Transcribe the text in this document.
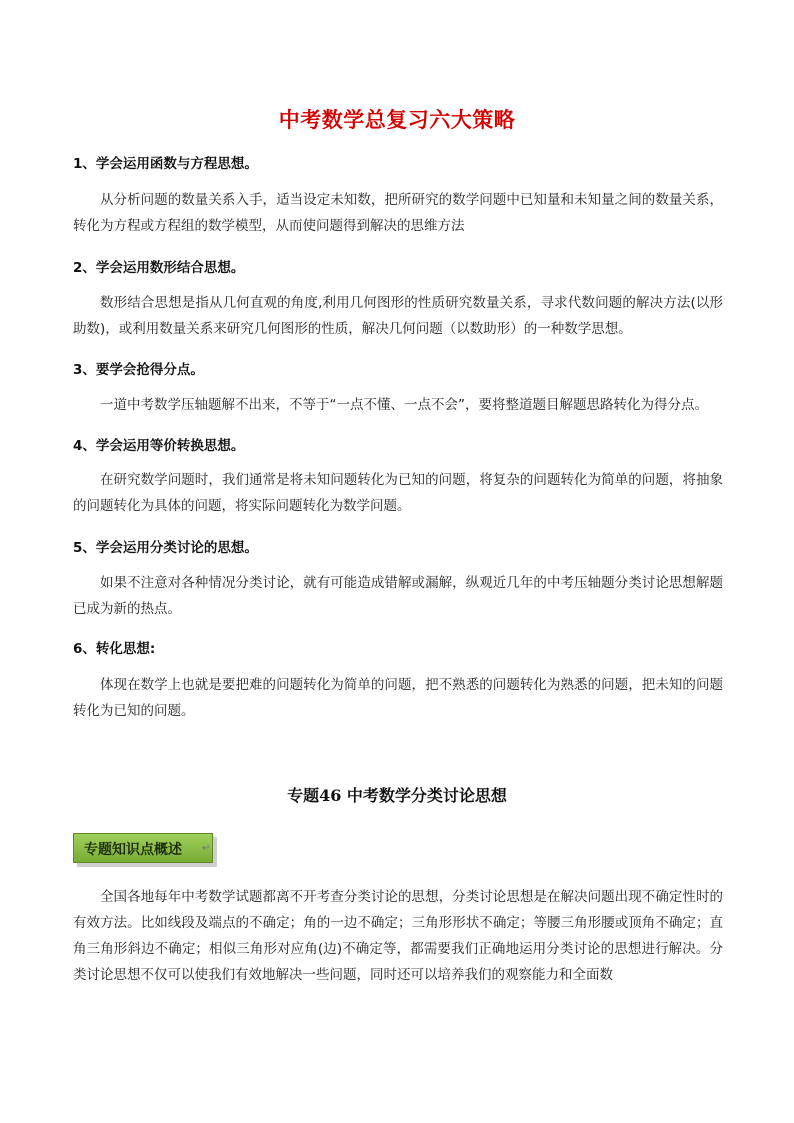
中考数学总复习六大策略
1、学会运用函数与方程思想。
从分析问题的数量关系入手，适当设定未知数，把所研究的数学问题中已知量和未知量之间的数量关系，转化为方程或方程组的数学模型，从而使问题得到解决的思维方法
2、学会运用数形结合思想。
数形结合思想是指从几何直观的角度,利用几何图形的性质研究数量关系，寻求代数问题的解决方法(以形助数)，或利用数量关系来研究几何图形的性质，解决几何问题（以数助形）的一种数学思想。
3、要学会抢得分点。
一道中考数学压轴题解不出来，不等于“一点不懂、一点不会”，要将整道题目解题思路转化为得分点。
4、学会运用等价转换思想。
在研究数学问题时，我们通常是将未知问题转化为已知的问题，将复杂的问题转化为简单的问题，将抽象的问题转化为具体的问题，将实际问题转化为数学问题。
5、学会运用分类讨论的思想。
如果不注意对各种情况分类讨论，就有可能造成错解或漏解，纵观近几年的中考压轴题分类讨论思想解题已成为新的热点。
6、转化思想:
体现在数学上也就是要把难的问题转化为简单的问题，把不熟悉的问题转化为熟悉的问题，把未知的问题转化为已知的问题。
专题46 中考数学分类讨论思想
专题知识点概述 ↵
全国各地每年中考数学试题都离不开考查分类讨论的思想，分类讨论思想是在解决问题出现不确定性时的有效方法。比如线段及端点的不确定；角的一边不确定；三角形形状不确定；等腰三角形腰或顶角不确定；直角三角形斜边不确定；相似三角形对应角(边)不确定等，都需要我们正确地运用分类讨论的思想进行解决。分类讨论思想不仅可以使我们有效地解决一些问题，同时还可以培养我们的观察能力和全面数
